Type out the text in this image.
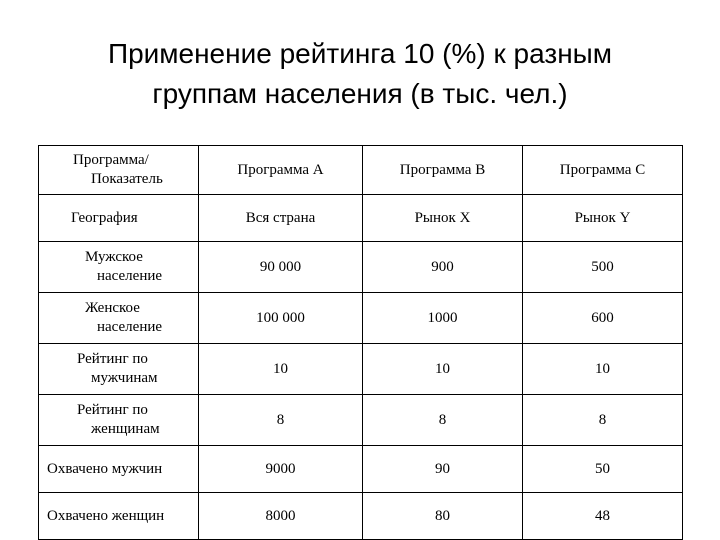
Применение рейтинга 10 (%) к разным
группам населения (в тыс. чел.)
Программа/
Показатель	Программа А	Программа В	Программа С
География	Вся страна	Рынок Х	Рынок Y

Мужское
население	90 000	900	500

Женское
население	100 000	1000	600

Рейтинг по
мужчинам	10	10	10

Рейтинг по
женщинам	8	8	8
Охвачено мужчин	9000	90	50
Охвачено женщин	8000	80	48
